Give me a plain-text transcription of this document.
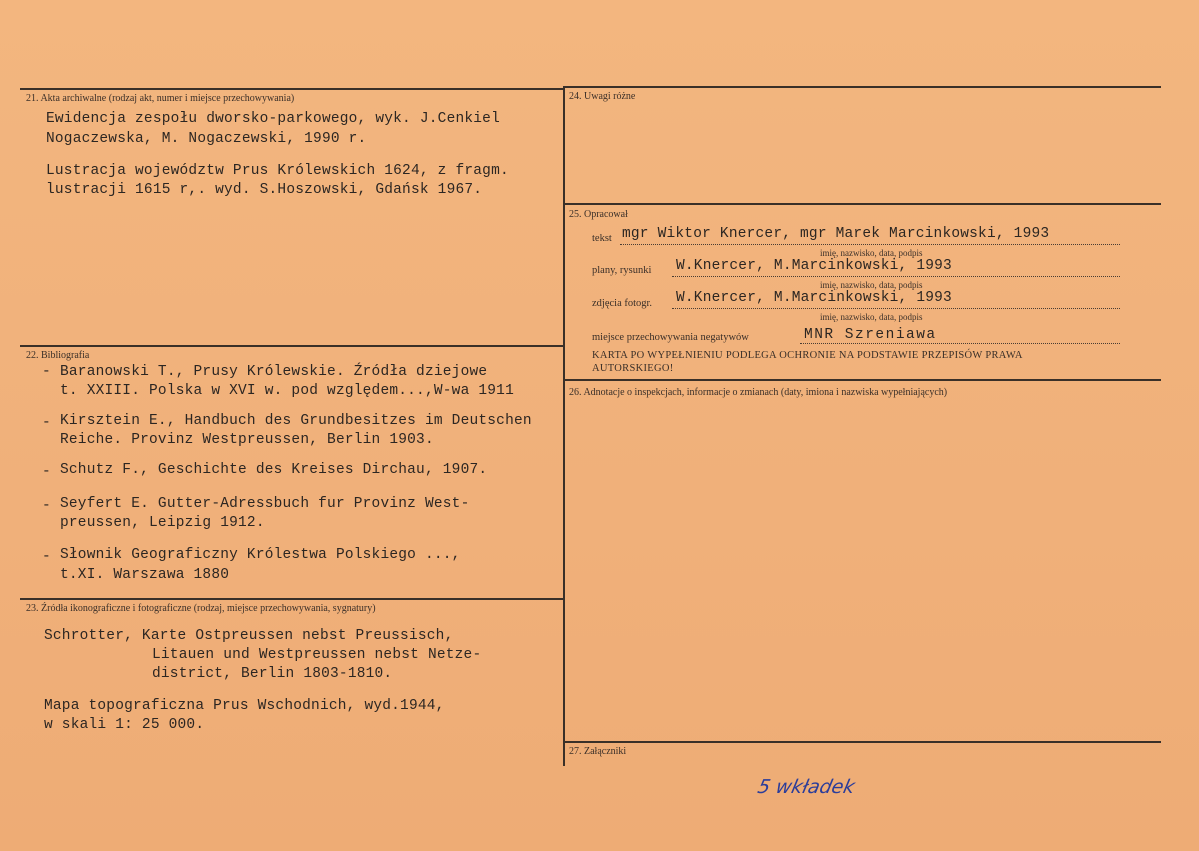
21. Akta archiwalne (rodzaj akt, numer i miejsce przechowywania)
Ewidencja zespołu dworsko-parkowego, wyk. J.Cenkiel
Nogaczewska, M. Nogaczewski, 1990 r.
Lustracja województw Prus Królewskich 1624, z fragm.
lustracji 1615 r,. wyd. S.Hoszowski, Gdańsk 1967.
22. Bibliografia
- Baranowski T., Prusy Królewskie. Źródła dziejowe
t. XXIII. Polska w XVI w. pod względem...,W-wa 1911
- Kirsztein E., Handbuch des Grundbesitzes im Deutschen
Reiche. Provinz Westpreussen, Berlin 1903.
- Schutz F., Geschichte des Kreises Dirchau, 1907.
- Seyfert E. Gutter-Adressbuch fur Provinz West-
preussen, Leipzig 1912.
- Słownik Geograficzny Królestwa Polskiego ...,
t.XI. Warszawa 1880
23. Źródła ikonograficzne i fotograficzne (rodzaj, miejsce przechowywania, sygnatury)
Schrotter, Karte Ostpreussen nebst Preussisch,
Litauen und Westpreussen nebst Netze-
district, Berlin 1803-1810.
Mapa topograficzna Prus Wschodnich, wyd.1944,
w skali 1: 25 000.
24. Uwagi różne
25. Opracował
tekst mgr Wiktor Knercer, mgr Marek Marcinkowski, 1993
imię, nazwisko, data, podpis
plany, rysunki W.Knercer, M.Marcinkowski, 1993
imię, nazwisko, data, podpis
zdjęcia fotogr. W.Knercer, M.Marcinkowski, 1993
imię, nazwisko, data, podpis
miejsce przechowywania negatywów	MNR Szreniawa
KARTA PO WYPEŁNIENIU PODLEGA OCHRONIE NA PODSTAWIE PRZEPISÓW PRAWA
AUTORSKIEGO!
26. Adnotacje o inspekcjach, informacje o zmianach (daty, imiona i nazwiska wypełniających)
27. Załączniki
5 wkładek
